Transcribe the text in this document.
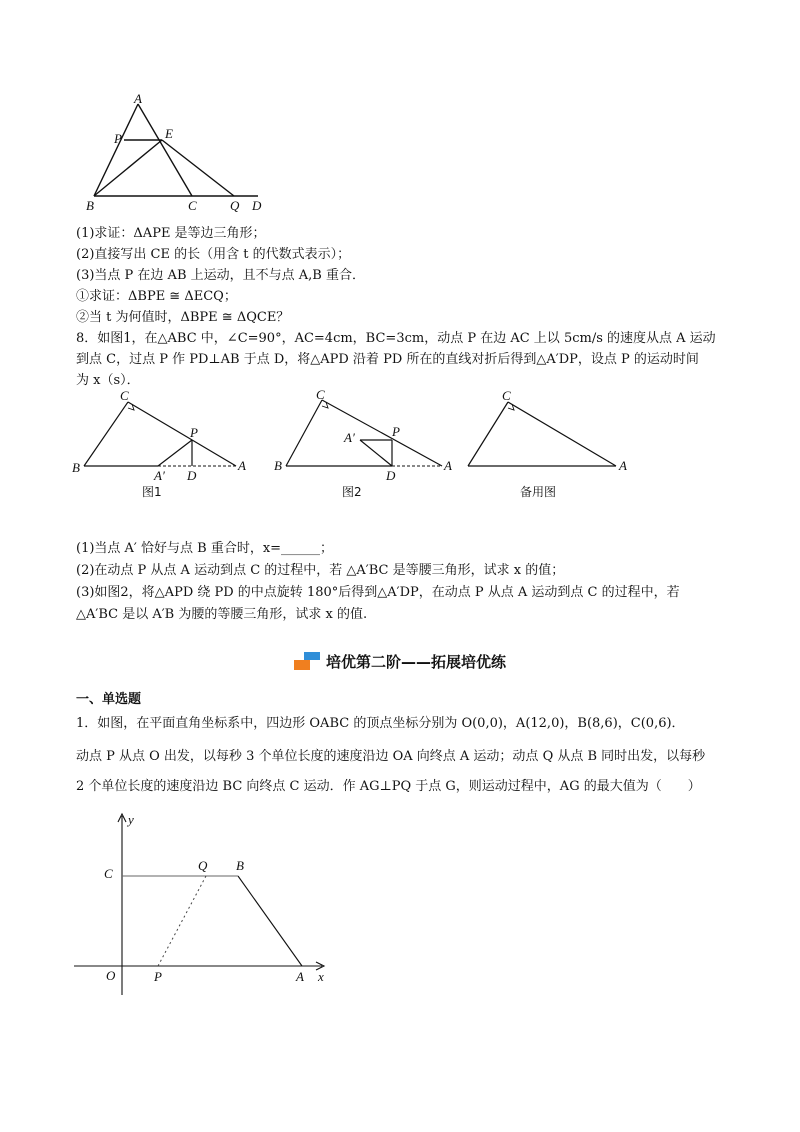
A
P	E
B	C	Q D
(1)求证：ΔAPE 是等边三角形；
(2)直接写出 CE 的长（用含 t 的代数式表示）；
(3)当点 P 在边 AB 上运动，且不与点 A,B 重合．
①求证：ΔBPE ≅ ΔECQ；
②当 t 为何值时，ΔBPE ≅ ΔQCE？
8．如图1，在△ABC 中，∠C=90°，AC=4cm，BC=3cm，动点 P 在边 AC 上以 5cm/s 的速度从点 A 运动
到点 C，过点 P 作 PD⊥AB 于点 D，将△APD 沿着 PD 所在的直线对折后得到△A′DP，设点 P 的运动时间
为 x（s）．
C
P
B
A′ D
A
图1
C
A′	P
B
D
A
图2
C
A
备用图
(1)当点 A′ 恰好与点 B 重合时，x=______；
(2)在动点 P 从点 A 运动到点 C 的过程中，若 △A′BC 是等腰三角形，试求 x 的值；
(3)如图2，将△APD 绕 PD 的中点旋转 180°后得到△A′DP，在动点 P 从点 A 运动到点 C 的过程中，若
△A′BC 是以 A′B 为腰的等腰三角形，试求 x 的值.
培优第二阶——拓展培优练
一、单选题
1．如图，在平面直角坐标系中，四边形 OABC 的顶点坐标分别为 O(0,0)，A(12,0)，B(8,6)，C(0,6)．
动点 P 从点 O 出发，以每秒 3 个单位长度的速度沿边 OA 向终点 A 运动；动点 Q 从点 B 同时出发，以每秒
2 个单位长度的速度沿边 BC 向终点 C 运动．作 AG⊥PQ 于点 G，则运动过程中，AG 的最大值为（　　）
y
C
Q B
O	P	A x
